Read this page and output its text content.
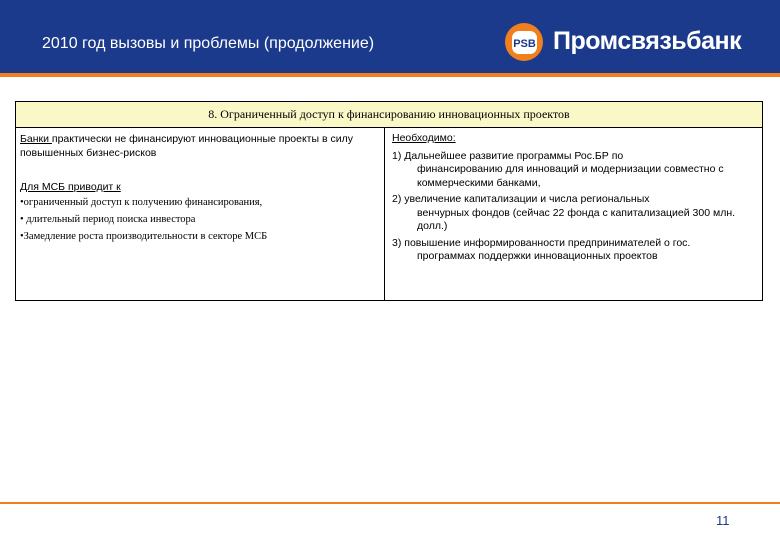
2010 год вызовы и проблемы (продолжение)	PSB Промсвязьбанк
8. Ограниченный доступ к финансированию инновационных проектов

Банки практически не финансируют инновационные проекты в силу повышенных бизнес-рисков

Для МСБ приводит к

•ограниченный доступ к получению финансирования,

• длительный период поиска инвестора

•Замедление роста производительности в секторе МСБ

Необходимо:

1) Дальнейшее развитие программы Рос.БР по

финансированию для инноваций и модернизации совместно с коммерческими банками,

2) увеличение капитализации и числа региональных

венчурных фондов (сейчас 22 фонда с капитализацией 300 млн. долл.)

3) повышение информированности предпринимателей о гос.

программах поддержки инновационных проектов

11
